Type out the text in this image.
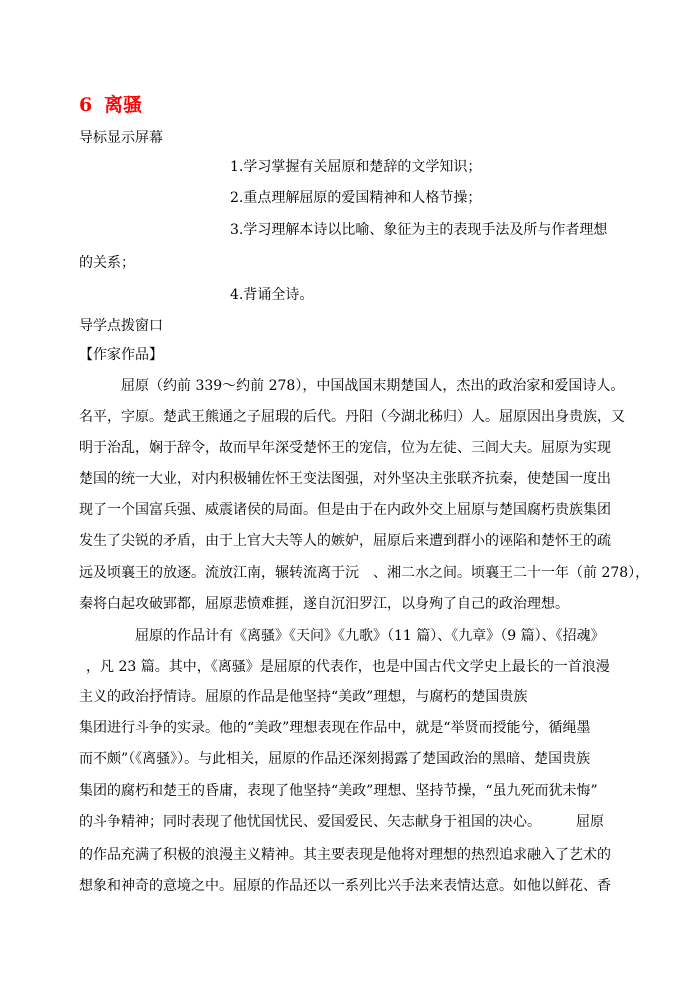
6 离骚
导标显示屏幕
1.学习掌握有关屈原和楚辞的文学知识；
2.重点理解屈原的爱国精神和人格节操；
3.学习理解本诗以比喻、象征为主的表现手法及所与作者理想
的关系；
4.背诵全诗。
导学点拨窗口
【作家作品】
屈原（约前 339～约前 278），中国战国末期楚国人，杰出的政治家和爱国诗人。
名平，字原。楚武王熊通之子屈瑕的后代。丹阳（今湖北秭归）人。屈原因出身贵族，又
明于治乱，娴于辞令，故而早年深受楚怀王的宠信，位为左徒、三闾大夫。屈原为实现
楚国的统一大业，对内积极辅佐怀王变法图强，对外坚决主张联齐抗秦，使楚国一度出
现了一个国富兵强、威震诸侯的局面。但是由于在内政外交上屈原与楚国腐朽贵族集团
发生了尖锐的矛盾，由于上官大夫等人的嫉妒，屈原后来遭到群小的诬陷和楚怀王的疏
远及顷襄王的放逐。流放江南，辗转流离于沅　、湘二水之间。顷襄王二十一年（前 278），
秦将白起攻破郢都，屈原悲愤难捱，遂自沉汨罗江，以身殉了自己的政治理想。
屈原的作品计有《离骚》《天问》《九歌》（11 篇）、《九章》（9 篇）、《招魂》
，凡 23 篇。其中，《离骚》是屈原的代表作，也是中国古代文学史上最长的一首浪漫
主义的政治抒情诗。屈原的作品是他坚持“美政”理想，与腐朽的楚国贵族
集团进行斗争的实录。他的“美政”理想表现在作品中，就是“举贤而授能兮，循绳墨
而不颇”（《离骚》）。与此相关，屈原的作品还深刻揭露了楚国政治的黑暗、楚国贵族
集团的腐朽和楚王的昏庸，表现了他坚持“美政”理想、坚持节操，“虽九死而犹未悔”
的斗争精神；同时表现了他忧国忧民、爱国爱民、矢志献身于祖国的决心。　　　屈原
的作品充满了积极的浪漫主义精神。其主要表现是他将对理想的热烈追求融入了艺术的
想象和神奇的意境之中。屈原的作品还以一系列比兴手法来表情达意。如他以鲜花、香
